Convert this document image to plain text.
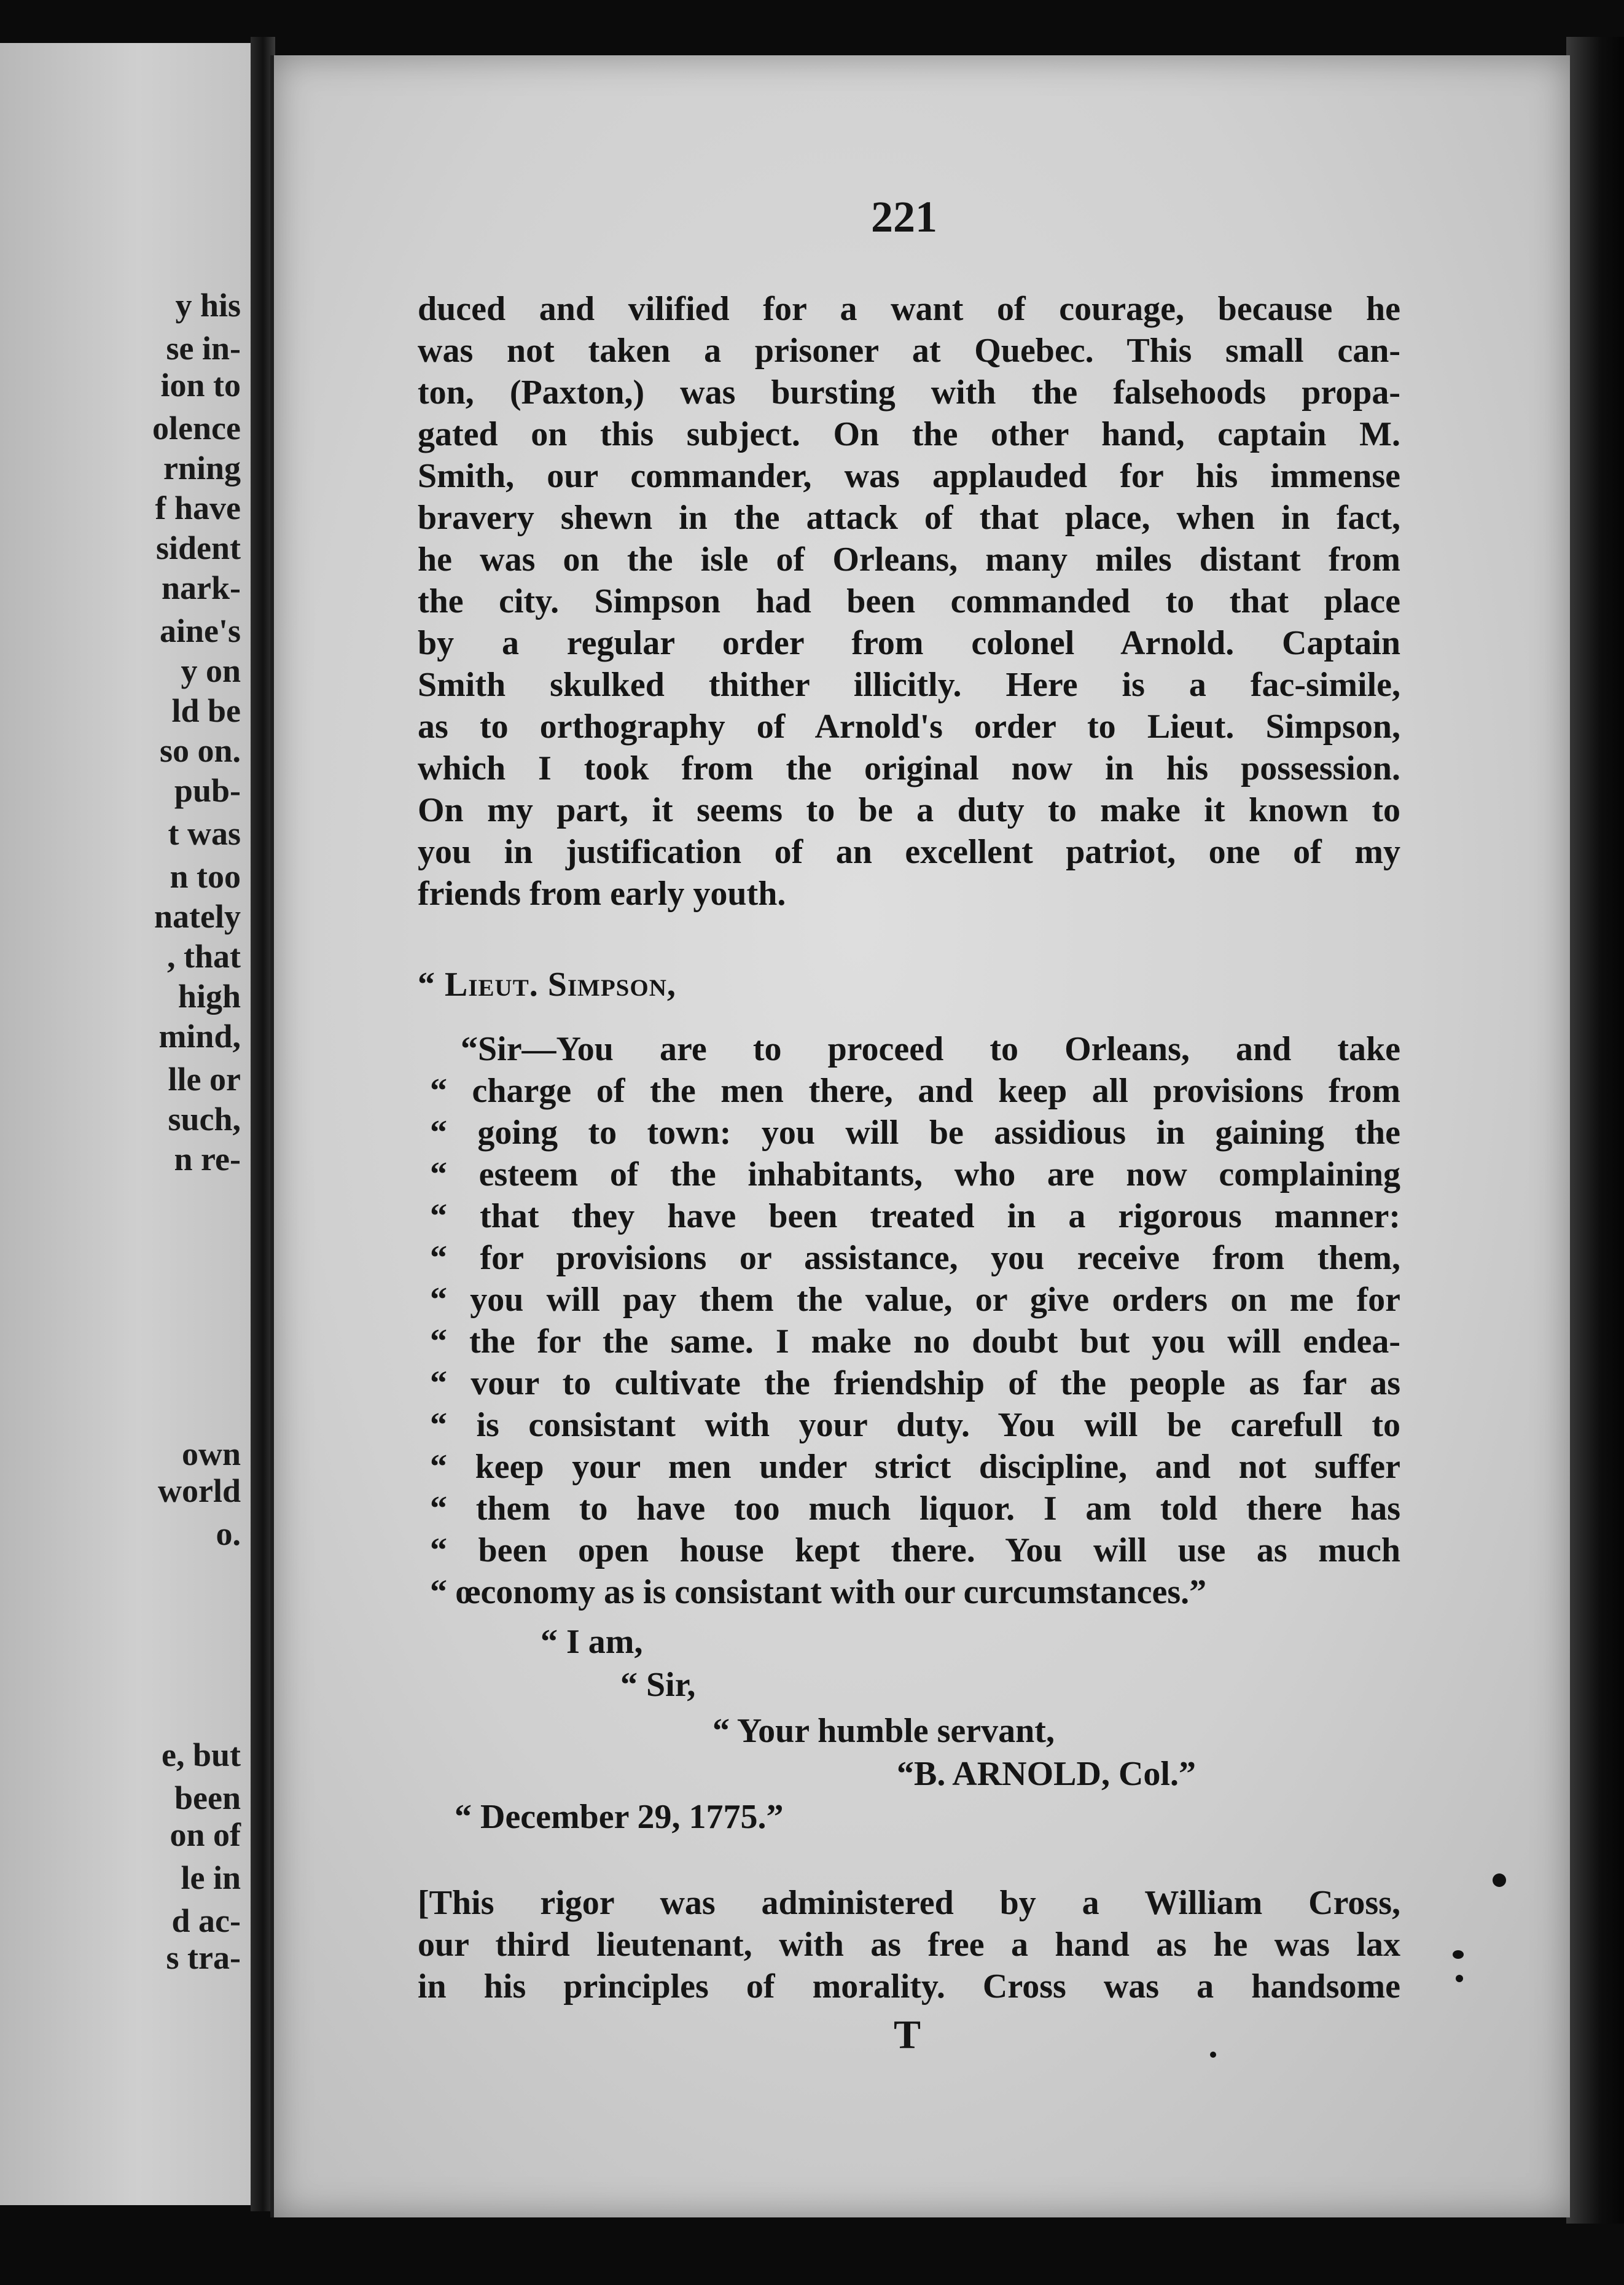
y his
se in-
ion to
olence
rning
f have
sident
nark-
aine's
y on
ld be
so on.
pub-
t was
n too
nately
, that
high
mind,
lle or
such,
n re-
own
world
o.
e, but
been
on of
le in
d ac-
s tra-
221
duced and vilified for a want of courage, because he
was not taken a prisoner at Quebec. This small can-
ton, (Paxton,) was bursting with the falsehoods propa-
gated on this subject. On the other hand, captain M.
Smith, our commander, was applauded for his immense
bravery shewn in the attack of that place, when in fact,
he was on the isle of Orleans, many miles distant from
the city. Simpson had been commanded to that place
by a regular order from colonel Arnold. Captain
Smith skulked thither illicitly. Here is a fac-simile,
as to orthography of Arnold's order to Lieut. Simpson,
which I took from the original now in his possession.
On my part, it seems to be a duty to make it known to
you in justification of an excellent patriot, one of my
friends from early youth.
“ Lieut. Simpson,
“Sir—You are to proceed to Orleans, and take
“ charge of the men there, and keep all provisions from
“ going to town: you will be assidious in gaining the
“ esteem of the inhabitants, who are now complaining
“ that they have been treated in a rigorous manner:
“ for provisions or assistance, you receive from them,
“ you will pay them the value, or give orders on me for
“ the for the same. I make no doubt but you will endea-
“ vour to cultivate the friendship of the people as far as
“ is consistant with your duty. You will be carefull to
“ keep your men under strict discipline, and not suffer
“ them to have too much liquor. I am told there has
“ been open house kept there. You will use as much
“ œconomy as is consistant with our curcumstances.”
“ I am,
“ Sir,
“ Your humble servant,
“B. ARNOLD, Col.”
“ December 29, 1775.”
[This rigor was administered by a William Cross,
our third lieutenant, with as free a hand as he was lax
in his principles of morality. Cross was a handsome
T
